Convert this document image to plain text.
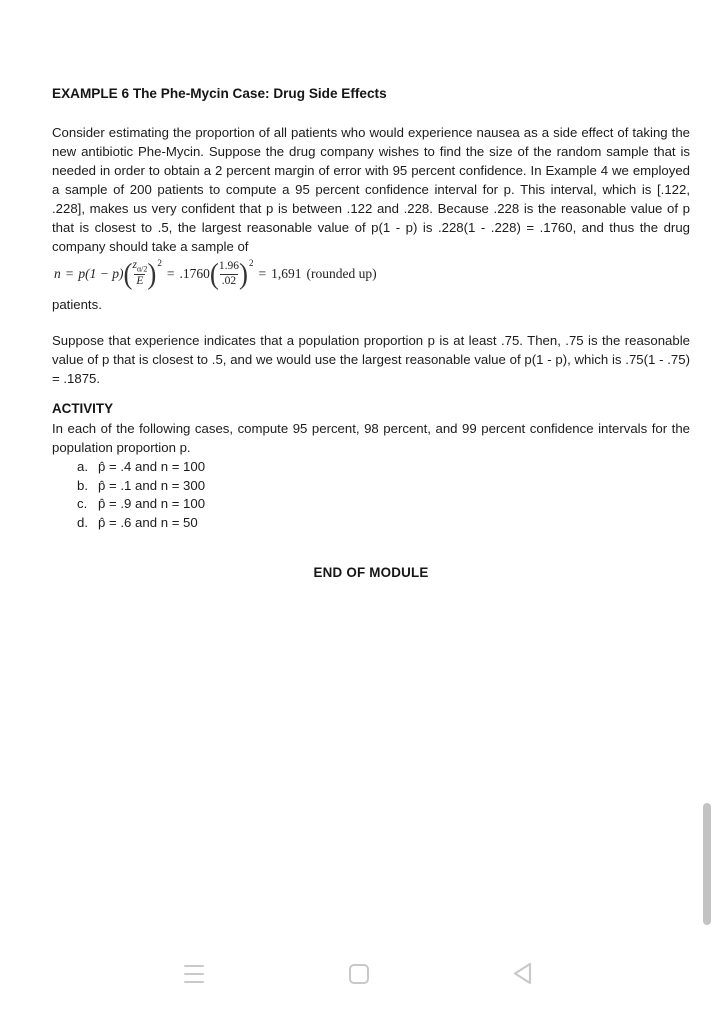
EXAMPLE 6 The Phe-Mycin Case: Drug Side Effects

Consider estimating the proportion of all patients who would experience nausea as a side effect of taking the new antibiotic Phe-Mycin. Suppose the drug company wishes to find the size of the random sample that is needed in order to obtain a 2 percent margin of error with 95 percent confidence. In Example 4 we employed a sample of 200 patients to compute a 95 percent confidence interval for p. This interval, which is [.122, .228], makes us very confident that p is between .122 and .228. Because .228 is the reasonable value of p that is closest to .5, the largest reasonable value of p(1 - p) is .228(1 - .228) = .1760, and thus the drug company should take a sample of

n = p(1 − p) ( $\frac{z_{\alpha/2}}{E} )^2$
= .1760 ( $\frac{1.96}{.02} )^2$
= 1,691 (rounded up)

patients.

Suppose that experience indicates that a population proportion p is at least .75. Then, .75 is the reasonable value of p that is closest to .5, and we would use the largest reasonable value of p(1 - p), which is .75(1 - .75) = .1875.

ACTIVITY

In each of the following cases, compute 95 percent, 98 percent, and 99 percent confidence intervals for the population proportion p.

a. p̂ = .4 and n = 100
b. p̂ = .1 and n = 300
c. p̂ = .9 and n = 100
d. p̂ = .6 and n = 50
END OF MODULE
